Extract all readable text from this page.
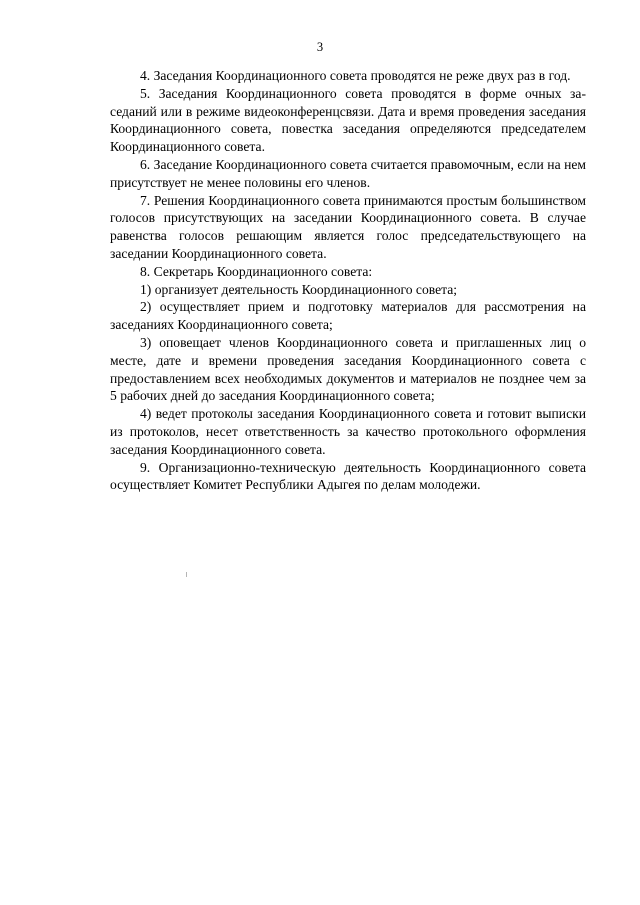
3

4. Заседания Координационного совета проводятся не реже двух раз в год.

5. Заседания Координационного совета проводятся в форме очных заседаний или в режиме видеоконференцсвязи. Дата и время проведения заседания Координационного совета, повестка заседания определяются председателем Координационного совета.

6. Заседание Координационного совета считается правомочным, если на нем присутствует не менее половины его членов.

7. Решения Координационного совета принимаются простым большинством голосов присутствующих на заседании Координационного совета. В случае равенства голосов решающим является голос председательствующего на заседании Координационного совета.

8. Секретарь Координационного совета:

1) организует деятельность Координационного совета;

2) осуществляет прием и подготовку материалов для рассмотрения на заседаниях Координационного совета;

3) оповещает членов Координационного совета и приглашенных лиц о месте, дате и времени проведения заседания Координационного совета с предоставлением всех необходимых документов и материалов не позднее чем за 5 рабочих дней до заседания Координационного совета;

4) ведет протоколы заседания Координационного совета и готовит выписки из протоколов, несет ответственность за качество протокольного оформления заседания Координационного совета.

9. Организационно-техническую деятельность Координационного совета осуществляет Комитет Республики Адыгея по делам молодежи.
